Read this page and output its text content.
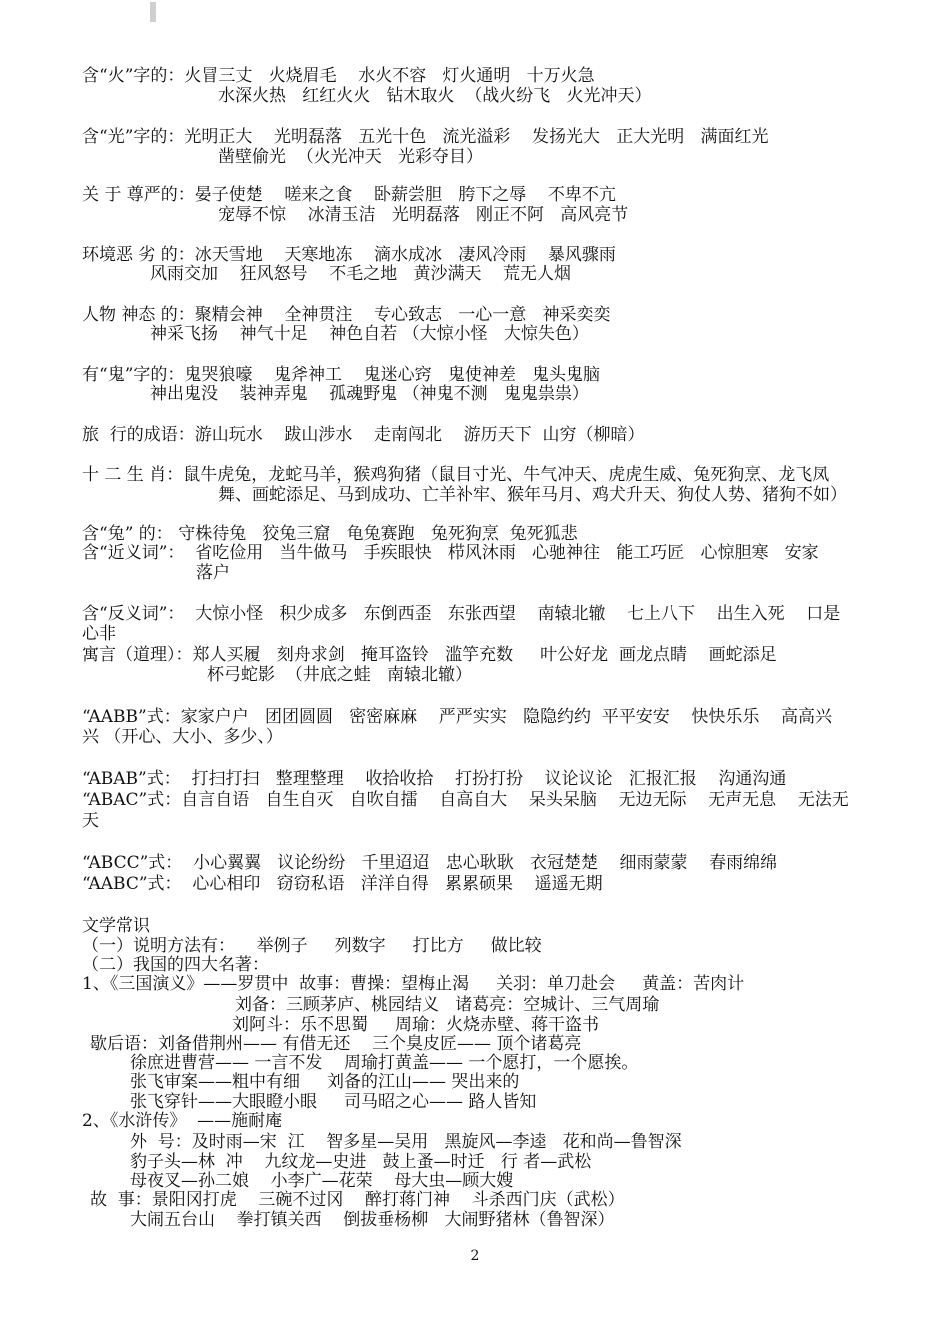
含“火”字的：火冒三丈   火烧眉毛    水火不容   灯火通明   十万火急
水深火热   红红火火   钻木取火  （战火纷飞   火光冲天）
含“光”字的：光明正大    光明磊落   五光十色   流光溢彩    发扬光大   正大光明   满面红光
凿壁偷光  （火光冲天   光彩夺目）
关 于 尊严的：晏子使楚    嗟来之食    卧薪尝胆   胯下之辱    不卑不亢
宠辱不惊    冰清玉洁   光明磊落   刚正不阿   高风亮节
环境恶 劣 的：冰天雪地    天寒地冻    滴水成冰   凄风冷雨    暴风骤雨
风雨交加    狂风怒号    不毛之地   黄沙满天    荒无人烟
人物 神态 的：聚精会神    全神贯注    专心致志   一心一意   神采奕奕
神采飞扬    神气十足    神色自若 （大惊小怪   大惊失色）
有“鬼”字的：鬼哭狼嚎    鬼斧神工    鬼迷心窍   鬼使神差   鬼头鬼脑
神出鬼没    装神弄鬼    孤魂野鬼 （神鬼不测   鬼鬼祟祟）
旅  行的成语：游山玩水    跋山涉水    走南闯北    游历天下  山穷（柳暗）
十 二 生 肖：鼠牛虎兔，龙蛇马羊，猴鸡狗猪（鼠目寸光、牛气冲天、虎虎生威、兔死狗烹、龙飞凤
舞、画蛇添足、马到成功、亡羊补牢、猴年马月、鸡犬升天、狗仗人势、猪狗不如）
含“兔” 的： 守株待兔   狡兔三窟   龟兔赛跑   兔死狗烹  兔死狐悲
含“近义词”：  省吃俭用   当牛做马   手疾眼快   栉风沐雨   心驰神往   能工巧匠   心惊胆寒   安家
落户
含“反义词”：  大惊小怪   积少成多   东倒西歪   东张西望    南辕北辙    七上八下    出生入死    口是
心非
寓言（道理）：郑人买履   刻舟求剑   掩耳盗铃   滥竽充数     叶公好龙  画龙点睛    画蛇添足
杯弓蛇影  （井底之蛙   南辕北辙）
“AABB”式：家家户户   团团圆圆   密密麻麻    严严实实   隐隐约约  平平安安    快快乐乐    高高兴
兴 （开心、大小、多少、）
“ABAB”式：  打扫打扫   整理整理    收拾收拾    打扮打扮    议论议论   汇报汇报    沟通沟通
“ABAC”式：自言自语   自生自灭   自吹自擂    自高自大    呆头呆脑    无边无际    无声无息    无法无
天
“ABCC”式：  小心翼翼   议论纷纷   千里迢迢   忠心耿耿   衣冠楚楚    细雨蒙蒙    春雨绵绵
“AABC”式：  心心相印   窃窃私语   洋洋自得   累累硕果    遥遥无期
文学常识
（一）说明方法有：    举例子     列数字     打比方     做比较
（二）我国的四大名著：
1、《三国演义》——罗贯中  故事：曹操：望梅止渴     关羽：单刀赴会     黄盖：苦肉计
刘备：三顾茅庐、桃园结义   诸葛亮：空城计、三气周瑜
刘阿斗：乐不思蜀     周瑜：火烧赤壁、蒋干盗书
歇后语：刘备借荆州—— 有借无还    三个臭皮匠—— 顶个诸葛亮
徐庶进曹营—— 一言不发    周瑜打黄盖—— 一个愿打，一个愿挨。
张飞审案——粗中有细     刘备的江山—— 哭出来的
张飞穿针——大眼瞪小眼     司马昭之心—— 路人皆知
2、《水浒传》  ——施耐庵
外  号：及时雨—宋  江    智多星—吴用   黑旋风—李逵   花和尚—鲁智深
豹子头—林  冲    九纹龙—史进   鼓上蚤—时迁   行 者—武松
母夜叉—孙二娘    小李广—花荣    母大虫—顾大嫂
故  事：景阳冈打虎    三碗不过冈    醉打蒋门神    斗杀西门庆（武松）
大闹五台山    拳打镇关西    倒拔垂杨柳   大闹野猪林（鲁智深）
2
